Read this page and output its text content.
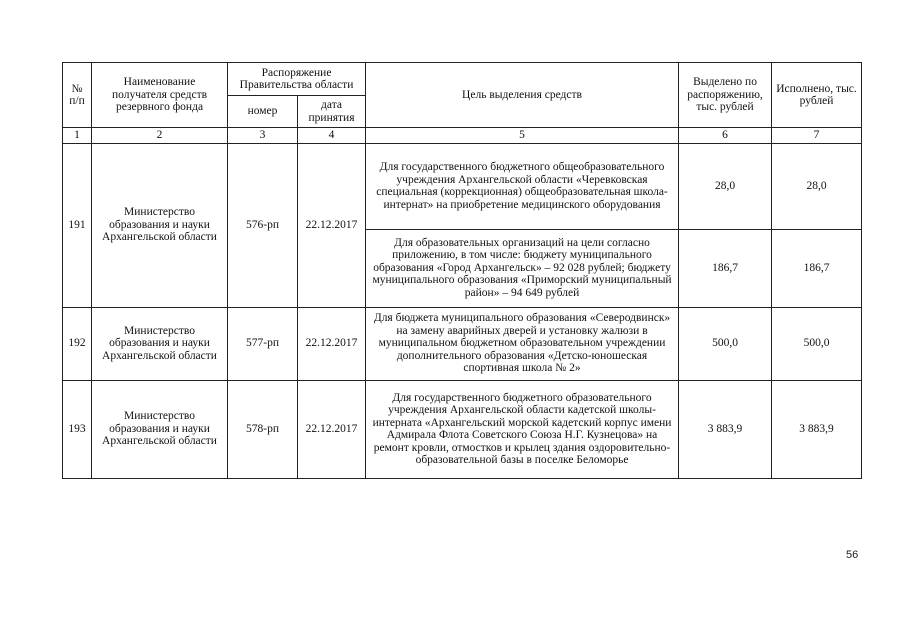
№ п/п	Наименование получателя средств резервного фонда	Распоряжение Правительства области		Цель выделения средств	Выделено по распоряжению, тыс. рублей	Исполнено, тыс. рублей
		номер	дата принятия			
1	2	3	4	5	6	7
191	Министерство образования и науки Архангельской области	576-рп	22.12.2017	Для государственного бюджетного общеобразовательного учреждения Архангельской области «Черевковская специальная (коррекционная) общеобразовательная школа-интернат» на приобретение медицинского оборудования	28,0	28,0
				Для образовательных организаций на цели согласно приложению, в том числе: бюджету муниципального образования «Город Архангельск» – 92 028 рублей; бюджету муниципального образования «Приморский муниципальный район» – 94 649 рублей	186,7	186,7
192	Министерство образования и науки Архангельской области	577-рп	22.12.2017	Для бюджета муниципального образования «Северодвинск» на замену аварийных дверей и установку жалюзи в муниципальном бюджетном образовательном учреждении дополнительного образования «Детско-юношеская спортивная школа № 2»	500,0	500,0
193	Министерство образования и науки Архангельской области	578-рп	22.12.2017	Для государственного бюджетного образовательного учреждения Архангельской области кадетской школы-интерната «Архангельский морской кадетский корпус имени Адмирала Флота Советского Союза Н.Г. Кузнецова» на ремонт кровли, отмостков и крылец здания оздоровительно-образовательной базы в поселке Беломорье	3 883,9	3 883,9
56
